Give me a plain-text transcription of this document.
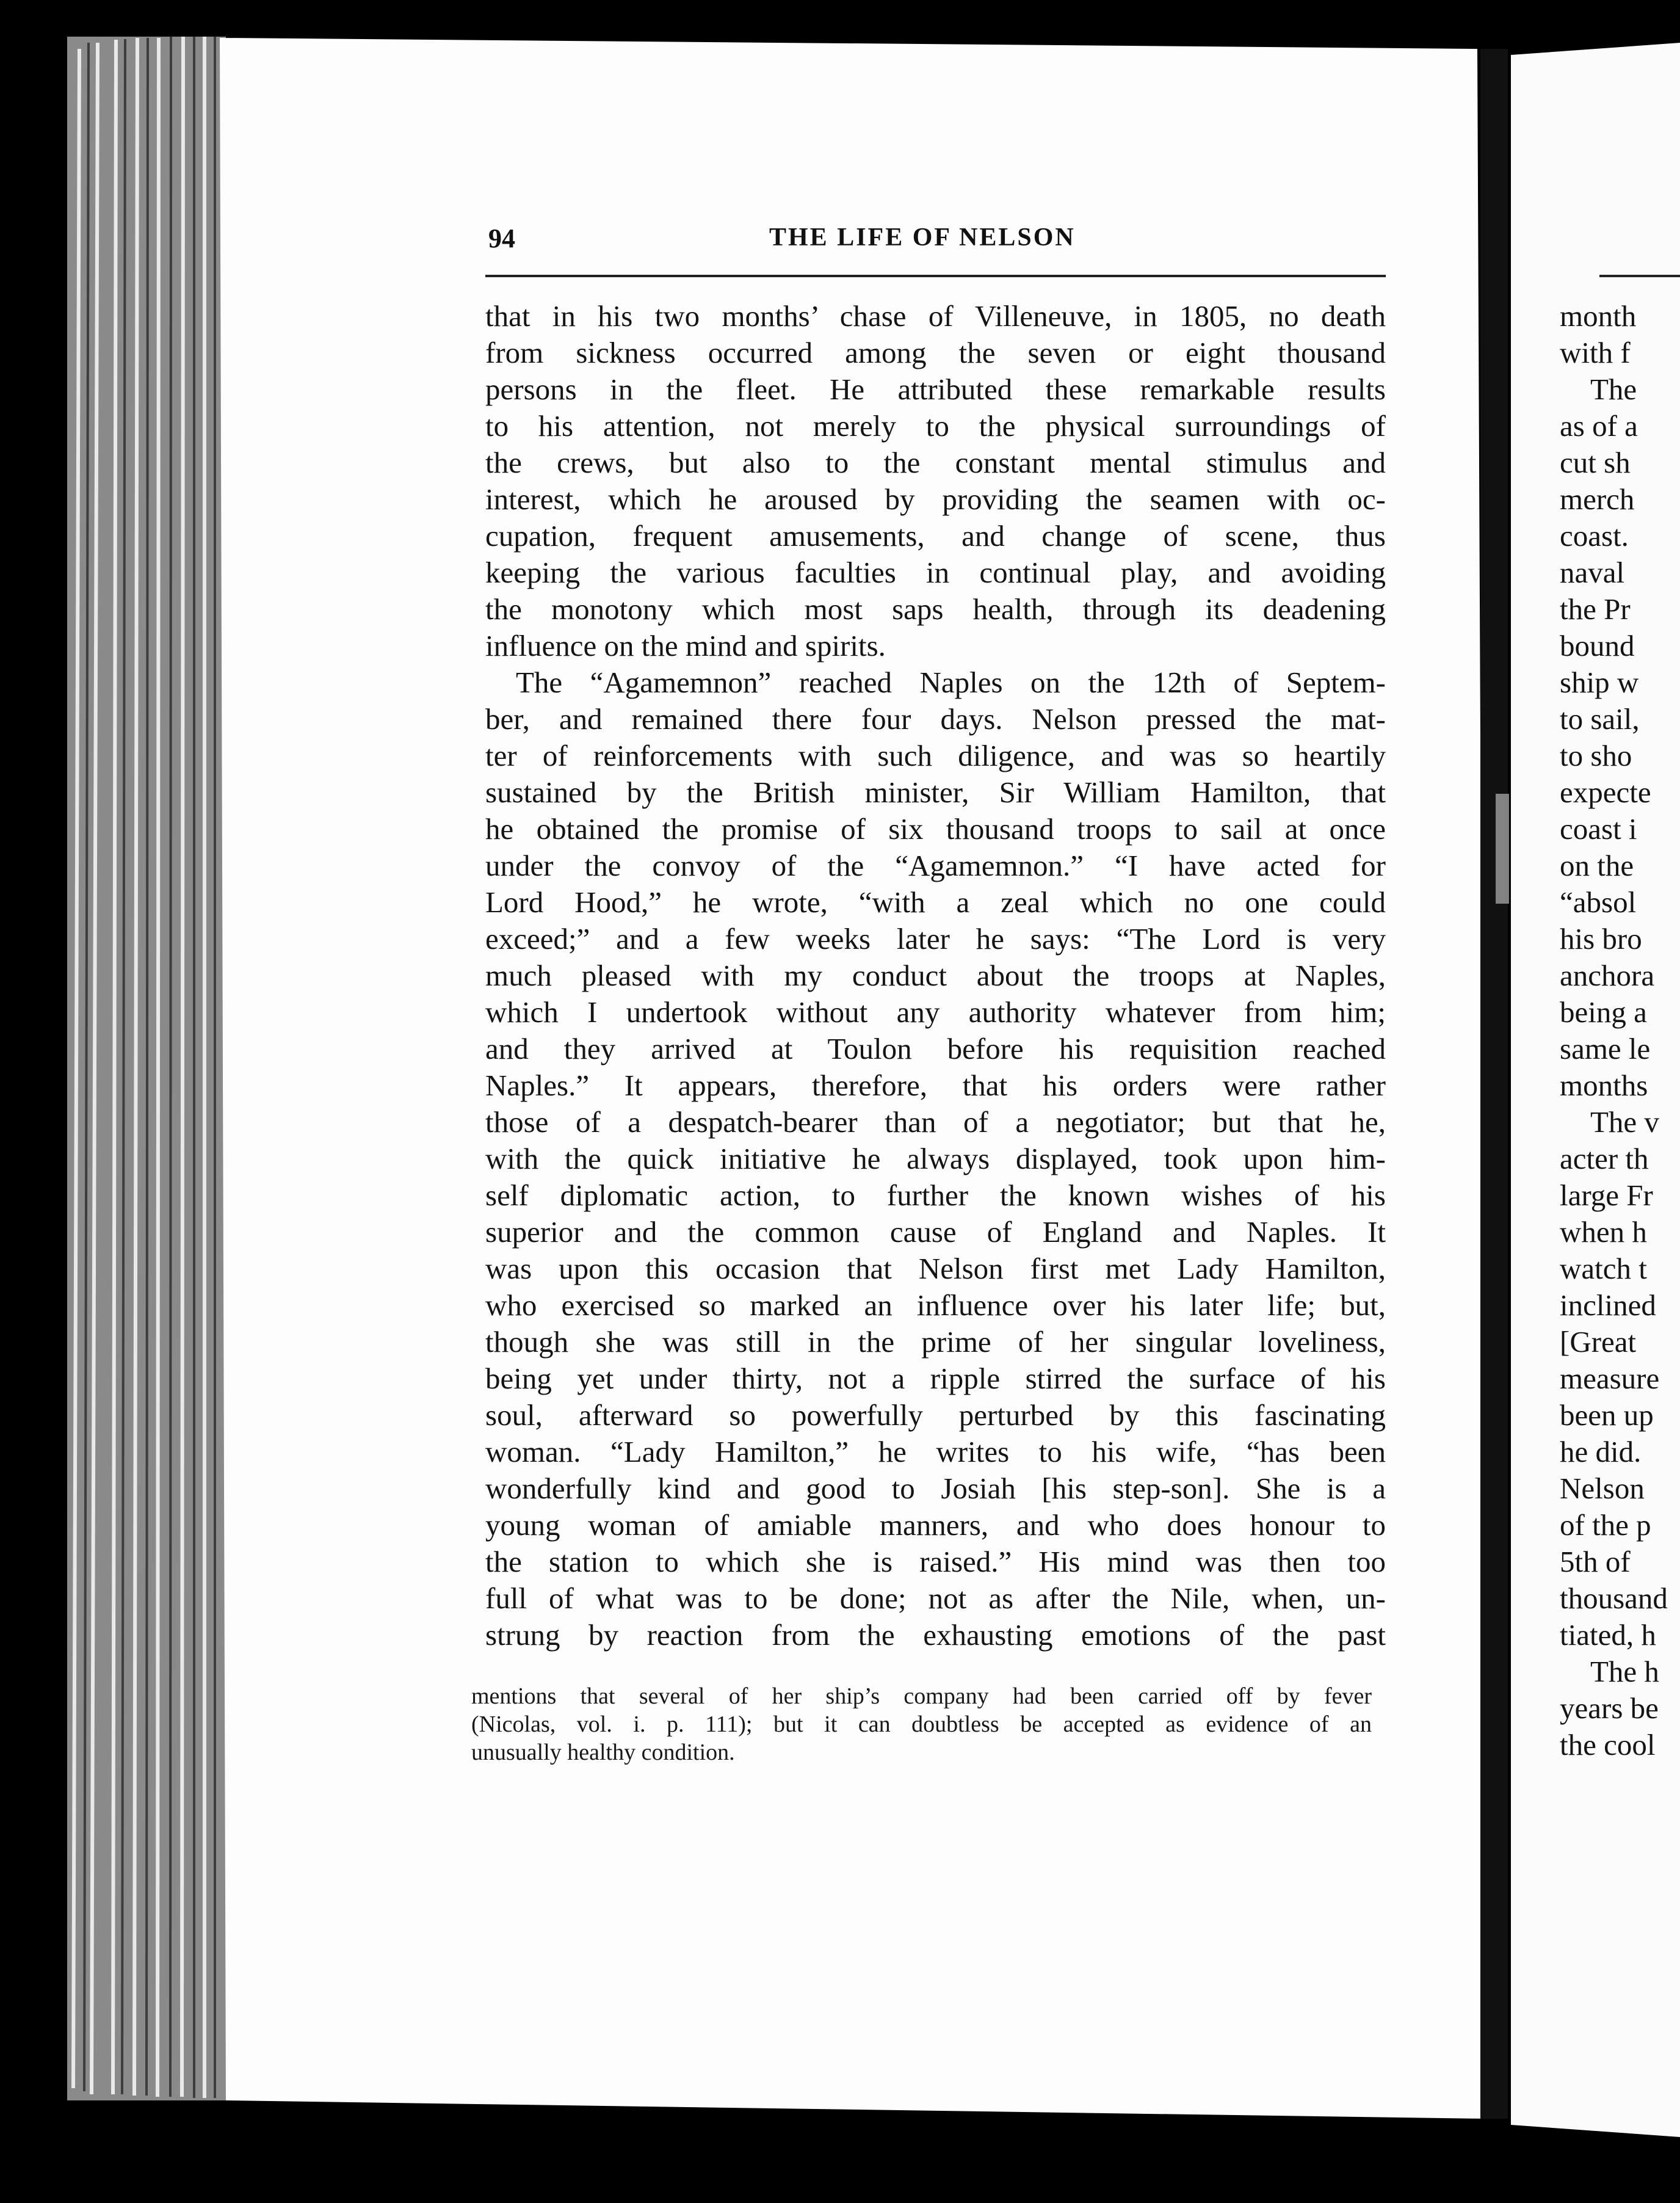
94	THE LIFE OF NELSON
that in his two months’ chase of Villeneuve, in 1805, no death
from sickness occurred among the seven or eight thousand
persons in the fleet. He attributed these remarkable results
to his attention, not merely to the physical surroundings of
the crews, but also to the constant mental stimulus and
interest, which he aroused by providing the seamen with oc-
cupation, frequent amusements, and change of scene, thus
keeping the various faculties in continual play, and avoiding
the monotony which most saps health, through its deadening
influence on the mind and spirits.
The “Agamemnon” reached Naples on the 12th of Septem-
ber, and remained there four days. Nelson pressed the mat-
ter of reinforcements with such diligence, and was so heartily
sustained by the British minister, Sir William Hamilton, that
he obtained the promise of six thousand troops to sail at once
under the convoy of the “Agamemnon.” “I have acted for
Lord Hood,” he wrote, “with a zeal which no one could
exceed;” and a few weeks later he says: “The Lord is very
much pleased with my conduct about the troops at Naples,
which I undertook without any authority whatever from him;
and they arrived at Toulon before his requisition reached
Naples.” It appears, therefore, that his orders were rather
those of a despatch-bearer than of a negotiator; but that he,
with the quick initiative he always displayed, took upon him-
self diplomatic action, to further the known wishes of his
superior and the common cause of England and Naples. It
was upon this occasion that Nelson first met Lady Hamilton,
who exercised so marked an influence over his later life; but,
though she was still in the prime of her singular loveliness,
being yet under thirty, not a ripple stirred the surface of his
soul, afterward so powerfully perturbed by this fascinating
woman. “Lady Hamilton,” he writes to his wife, “has been
wonderfully kind and good to Josiah [his step-son]. She is a
young woman of amiable manners, and who does honour to
the station to which she is raised.” His mind was then too
full of what was to be done; not as after the Nile, when, un-
strung by reaction from the exhausting emotions of the past
mentions that several of her ship’s company had been carried off by fever
(Nicolas, vol. i. p. 111); but it can doubtless be accepted as evidence of an
unusually healthy condition.
month
with f
The
as of a
cut sh
merch
coast.
naval
the Pr
bound
ship w
to sail,
to sho
expecte
coast i
on the
“absol
his bro
anchora
being a
same le
months
The v
acter th
large Fr
when h
watch t
inclined
[Great
measure
been up
he did.
Nelson
of the p
5th of
thousand
tiated, h
The h
years be
the cool
